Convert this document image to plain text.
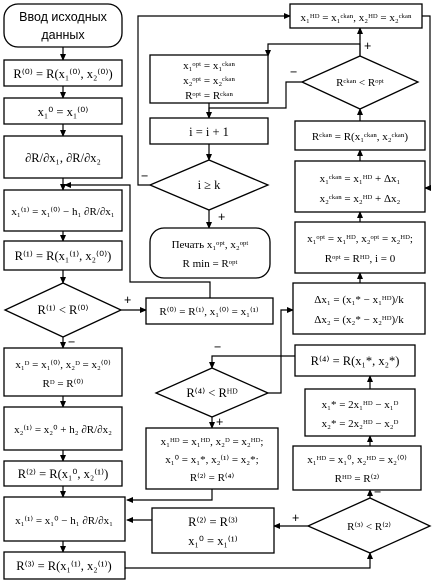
Ввод исходных
данных
R⁽⁰⁾ = R(x₁⁽⁰⁾, x₂⁽⁰⁾)
x₁⁰ = x₁⁽⁰⁾
∂R/∂x₁, ∂R/∂x₂
x₁⁽¹⁾ = x₁⁽⁰⁾ − h₁ ∂R/∂x₁
R⁽¹⁾ = R(x₁⁽¹⁾, x₂⁽⁰⁾)
R⁽¹⁾ < R⁽⁰⁾
x₁ᴰ = x₁⁽⁰⁾, x₂ᴰ = x₂⁽⁰⁾
Rᴰ = R⁽⁰⁾
x₂⁽¹⁾ = x₂⁰ + h₂ ∂R/∂x₂
R⁽²⁾ = R(x₁⁰, x₂⁽¹⁾)
x₁⁽¹⁾ = x₁⁰ − h₁ ∂R/∂x₁
R⁽³⁾ = R(x₁⁽¹⁾, x₂⁽¹⁾)
x₁ᵒᵖᵗ = x₁ᶜᵏᵃⁿ
x₂ᵒᵖᵗ = x₂ᶜᵏᵃⁿ
Rᵒᵖᵗ = Rᶜᵏᵃⁿ
i = i + 1
i ≥ k
Печать x₁ᵒᵖᵗ, x₂ᵒᵖᵗ
R min = Rᵒᵖᵗ
R⁽⁰⁾ = R⁽¹⁾, x₁⁽⁰⁾ = x₁⁽¹⁾
R⁽⁴⁾ < Rᴴᴰ
x₁ᴴᴰ = x₁ᴴᴰ, x₂ᴰ = x₂ᴴᴰ;
x₁⁰ = x₁*, x₂⁽¹⁾ = x₂*;
R⁽²⁾ = R⁽⁴⁾
R⁽²⁾ = R⁽³⁾
x₁⁰ = x₁⁽¹⁾
x₁ᴴᴰ = x₁ᶜᵏᵃⁿ, x₂ᴴᴰ = x₂ᶜᵏᵃⁿ
Rᶜᵏᵃⁿ < Rᵒᵖᵗ
Rᶜᵏᵃⁿ = R(x₁ᶜᵏᵃⁿ, x₂ᶜᵏᵃⁿ)
x₁ᶜᵏᵃⁿ = x₁ᴴᴰ + Δx₁
x₂ᶜᵏᵃⁿ = x₂ᴴᴰ + Δx₂
x₁ᵒᵖᵗ = x₁ᴴᴰ, x₂ᵒᵖᵗ = x₂ᴴᴰ;
Rᵒᵖᵗ = Rᴴᴰ, i = 0
Δx₁ = (x₁* − x₁ᴴᴰ)/k
Δx₂ = (x₂* − x₂ᴴᴰ)/k
R⁽⁴⁾ = R(x₁*, x₂*)
x₁* = 2x₁ᴴᴰ − x₁ᴰ
x₂* = 2x₂ᴴᴰ − x₂ᴰ
x₁ᴴᴰ = x₁⁰, x₂ᴴᴰ = x₂⁽⁰⁾
Rᴴᴰ = R⁽²⁾
R⁽³⁾ < R⁽²⁾
+
−
−
+
+
−
−
+
+
−
